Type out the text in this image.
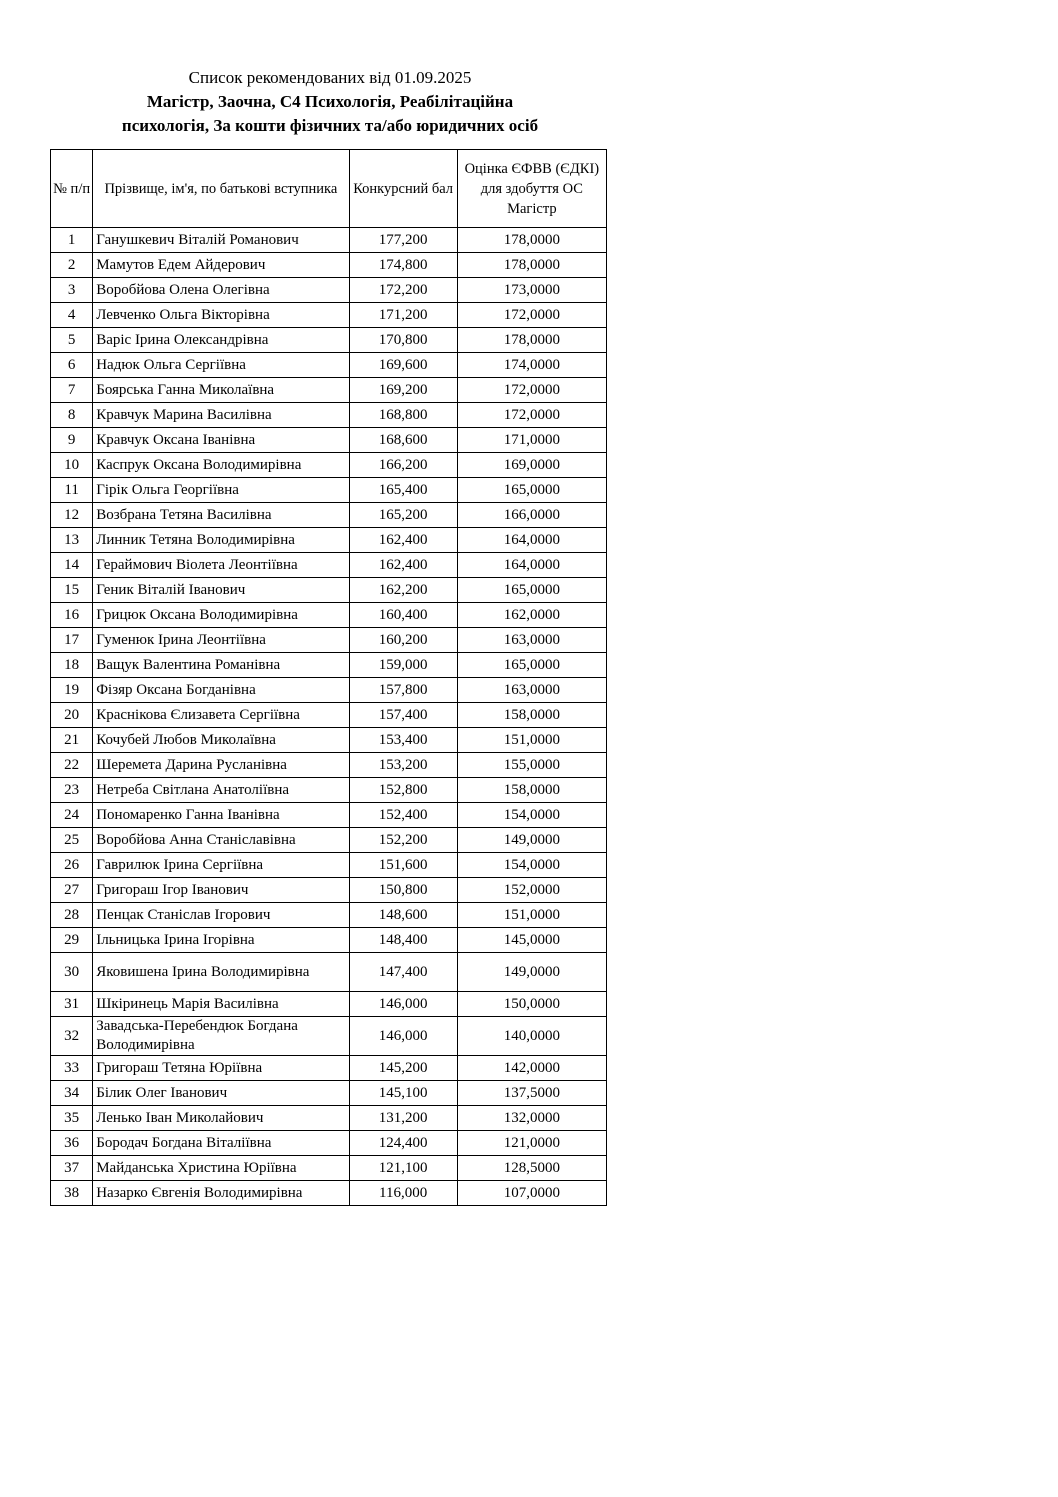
Список рекомендованих від 01.09.2025
Магістр, Заочна, C4 Психологія, Реабілітаційна
психологія, За кошти фізичних та/або юридичних осіб
№ п/п	Прізвище, ім'я, по батькові вступника	Конкурсний бал	Оцінка ЄФВВ (ЄДКІ) для здобуття ОС Магістр
1	Ганушкевич Віталій Романович	177,200	178,0000
2	Мамутов Едем Айдерович	174,800	178,0000
3	Воробйова Олена Олегівна	172,200	173,0000
4	Левченко Ольга Вікторівна	171,200	172,0000
5	Варіс Ірина Олександрівна	170,800	178,0000
6	Надюк Ольга Сергіївна	169,600	174,0000
7	Боярська Ганна Миколаївна	169,200	172,0000
8	Кравчук Марина Василівна	168,800	172,0000
9	Кравчук Оксана Іванівна	168,600	171,0000
10	Каспрук Оксана Володимирівна	166,200	169,0000
11	Гірік Ольга Георгіївна	165,400	165,0000
12	Возбрана Тетяна Василівна	165,200	166,0000
13	Линник Тетяна Володимирівна	162,400	164,0000
14	Гераймович Віолета Леонтіївна	162,400	164,0000
15	Геник Віталій Іванович	162,200	165,0000
16	Грицюк Оксана Володимирівна	160,400	162,0000
17	Гуменюк Ірина Леонтіївна	160,200	163,0000
18	Ващук Валентина Романівна	159,000	165,0000
19	Фізяр Оксана Богданівна	157,800	163,0000
20	Краснікова Єлизавета Сергіївна	157,400	158,0000
21	Кочубей Любов Миколаївна	153,400	151,0000
22	Шеремета Дарина Русланівна	153,200	155,0000
23	Нетреба Світлана Анатоліївна	152,800	158,0000
24	Пономаренко Ганна Іванівна	152,400	154,0000
25	Воробйова Анна Станіславівна	152,200	149,0000
26	Гаврилюк Ірина Сергіївна	151,600	154,0000
27	Григораш Ігор Іванович	150,800	152,0000
28	Пенцак Станіслав Ігорович	148,600	151,0000
29	Ільницька Ірина Ігорівна	148,400	145,0000
30	Яковишена Ірина Володимирівна	147,400	149,0000
31	Шкіринець Марія Василівна	146,000	150,0000
32	Завадська-Перебендюк Богдана Володимирівна	146,000	140,0000
33	Григораш Тетяна Юріївна	145,200	142,0000
34	Білик Олег Іванович	145,100	137,5000
35	Ленько Іван Миколайович	131,200	132,0000
36	Бородач Богдана Віталіївна	124,400	121,0000
37	Майданська Христина Юріївна	121,100	128,5000
38	Назарко Євгенія Володимирівна	116,000	107,0000
